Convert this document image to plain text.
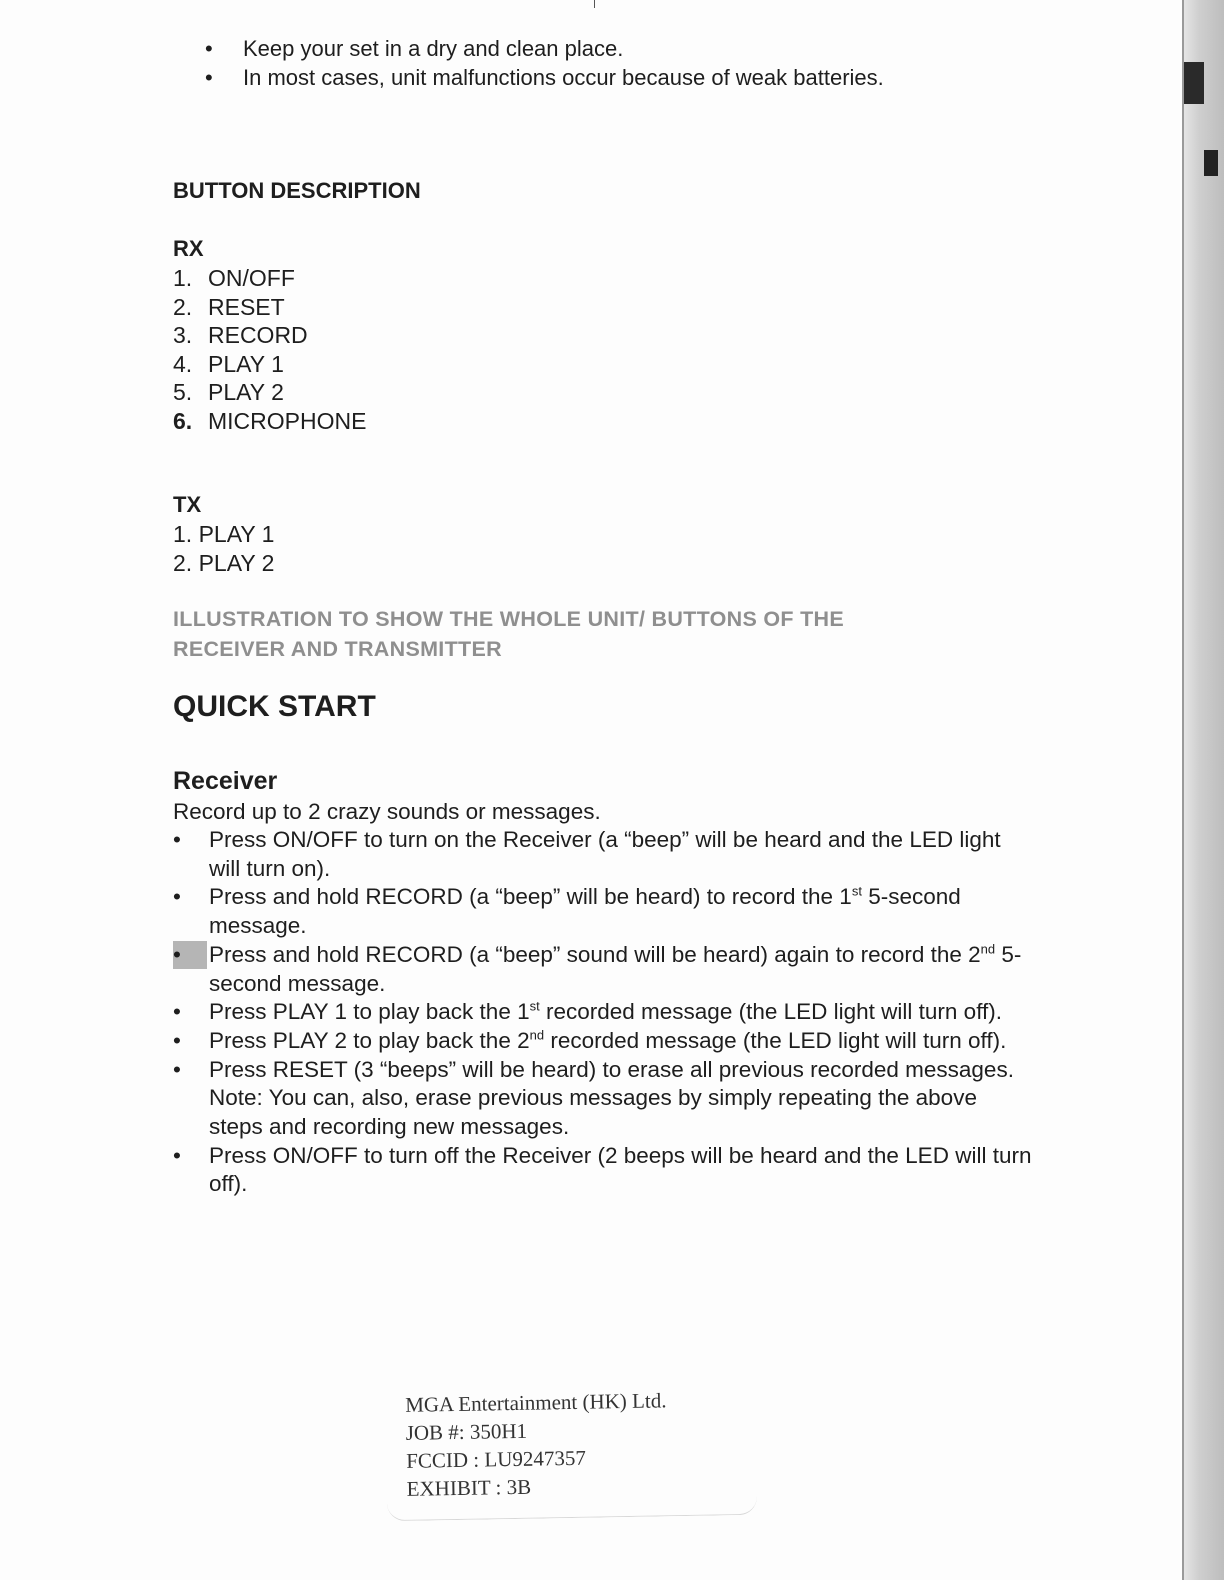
• Keep your set in a dry and clean place.
• In most cases, unit malfunctions occur because of weak batteries.
BUTTON DESCRIPTION
RX
1. ON/OFF
2. RESET
3. RECORD
4. PLAY 1
5. PLAY 2
6. MICROPHONE
TX
1. PLAY 1
2. PLAY 2
ILLUSTRATION TO SHOW THE WHOLE UNIT/ BUTTONS OF THE
RECEIVER AND TRANSMITTER
QUICK START
Receiver
Record up to 2 crazy sounds or messages.
•	Press ON/OFF to turn on the Receiver (a “beep” will be heard and the LED light will turn on).
•	Press and hold RECORD (a “beep” will be heard) to record the 1st 5-second message.
•	Press and hold RECORD (a “beep” sound will be heard) again to record the 2nd 5-second message.
•	Press PLAY 1 to play back the 1st recorded message (the LED light will turn off).
•	Press PLAY 2 to play back the 2nd recorded message (the LED light will turn off).
•	Press RESET (3 “beeps” will be heard) to erase all previous recorded messages. Note: You can, also, erase previous messages by simply repeating the above steps and recording new messages.
•	Press ON/OFF to turn off the Receiver (2 beeps will be heard and the LED will turn off).
MGA Entertainment (HK) Ltd.
JOB #: 350H1
FCCID : LU9247357
EXHIBIT : 3B
